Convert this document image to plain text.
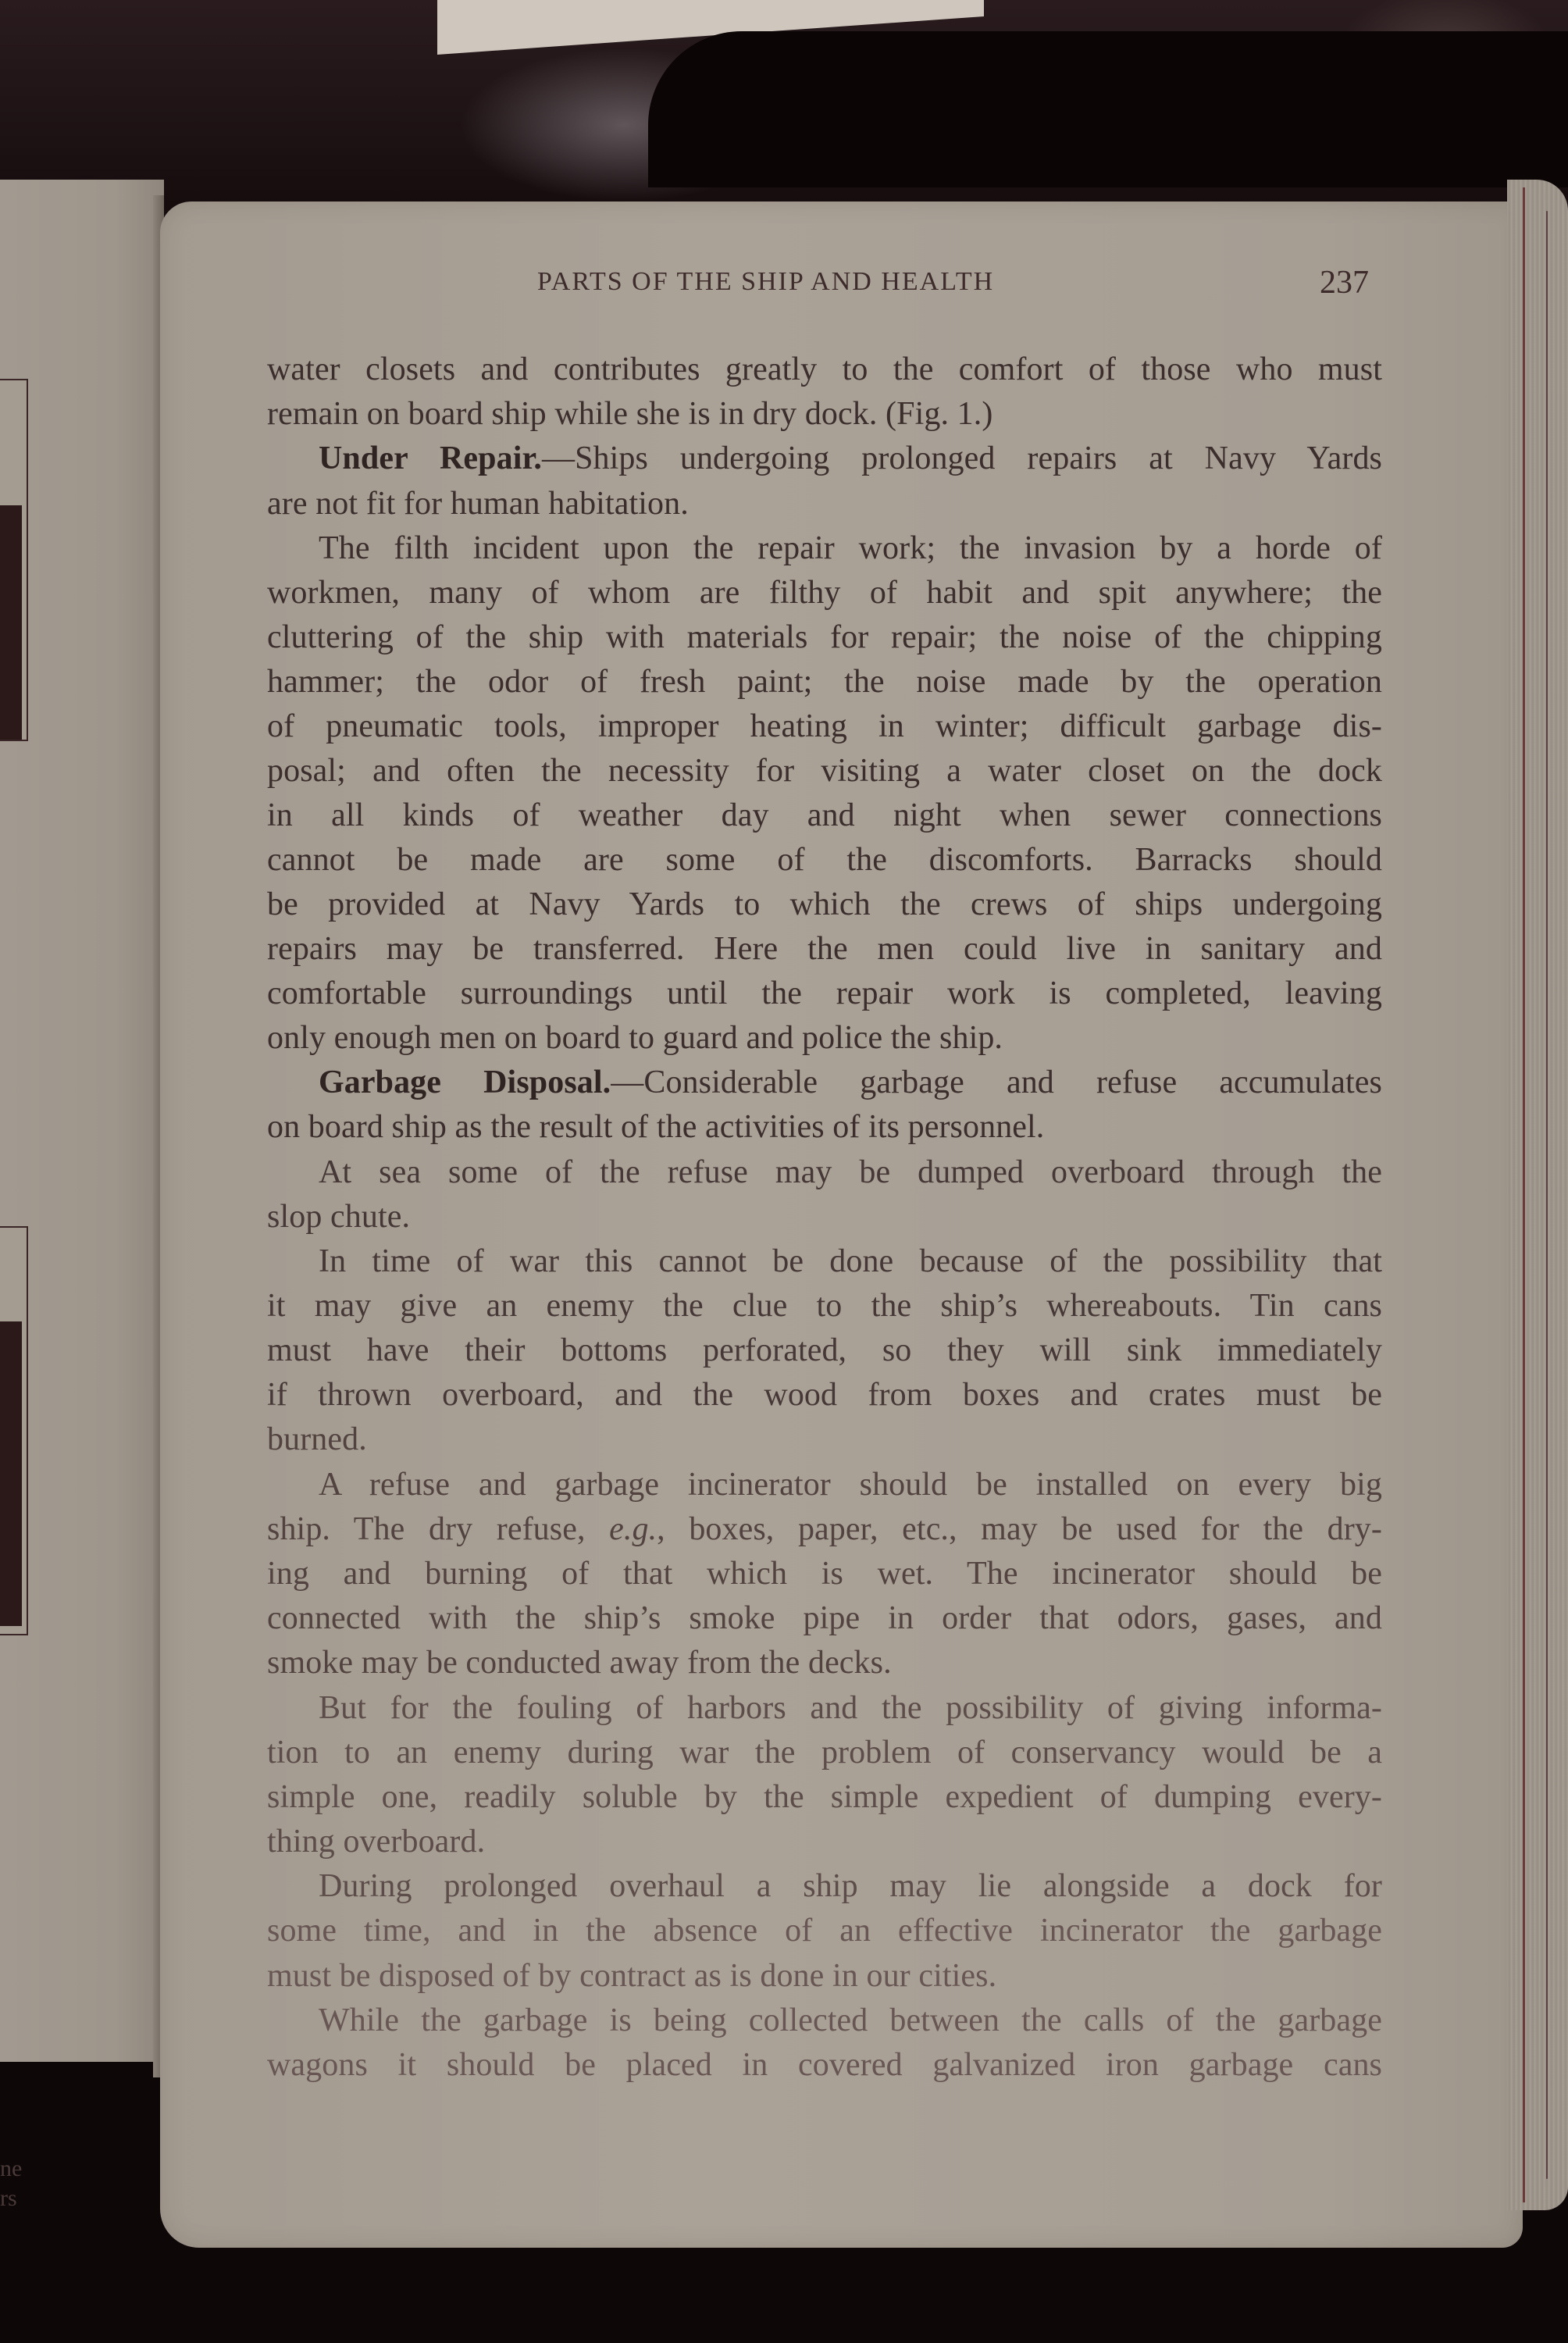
ne
rs
PARTS OF THE SHIP AND HEALTH	237

water closets and contributes greatly to the comfort of those who must

remain on board ship while she is in dry dock. (Fig. 1.)

Under Repair.—Ships undergoing prolonged repairs at Navy Yards

are not fit for human habitation.

The filth incident upon the repair work; the invasion by a horde of

workmen, many of whom are filthy of habit and spit anywhere; the

cluttering of the ship with materials for repair; the noise of the chipping

hammer; the odor of fresh paint; the noise made by the operation

of pneumatic tools, improper heating in winter; difficult garbage dis-

posal; and often the necessity for visiting a water closet on the dock

in all kinds of weather day and night when sewer connections

cannot be made are some of the discomforts. Barracks should

be provided at Navy Yards to which the crews of ships undergoing

repairs may be transferred. Here the men could live in sanitary and

comfortable surroundings until the repair work is completed, leaving

only enough men on board to guard and police the ship.

Garbage Disposal.—Considerable garbage and refuse accumulates

on board ship as the result of the activities of its personnel.

At sea some of the refuse may be dumped overboard through the

slop chute.

In time of war this cannot be done because of the possibility that

it may give an enemy the clue to the ship’s whereabouts. Tin cans

must have their bottoms perforated, so they will sink immediately

if thrown overboard, and the wood from boxes and crates must be

burned.

A refuse and garbage incinerator should be installed on every big

ship. The dry refuse, e.g., boxes, paper, etc., may be used for the dry-

ing and burning of that which is wet. The incinerator should be

connected with the ship’s smoke pipe in order that odors, gases, and

smoke may be conducted away from the decks.

But for the fouling of harbors and the possibility of giving informa-

tion to an enemy during war the problem of conservancy would be a

simple one, readily soluble by the simple expedient of dumping every-

thing overboard.

During prolonged overhaul a ship may lie alongside a dock for

some time, and in the absence of an effective incinerator the garbage

must be disposed of by contract as is done in our cities.

While the garbage is being collected between the calls of the garbage

wagons it should be placed in covered galvanized iron garbage cans
